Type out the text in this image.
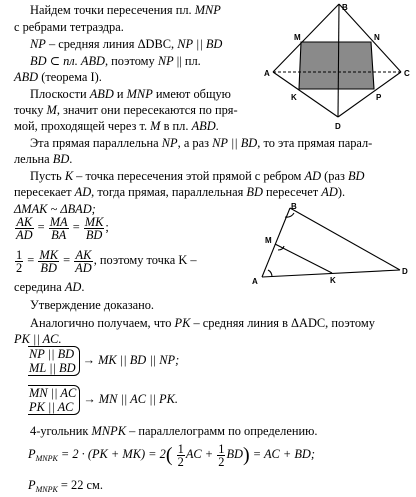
B
M	N
A	C
K	P
D
B
M
A	K
D
Найдем точки пересечения пл. MNP
с ребрами тетраэдра.
NP – средняя линия ΔDBC, NP || BD
BD ⊂ пл. ABD, поэтому NP || пл.
ABD (теорема I).
Плоскости ABD и MNP имеют общую
точку M, значит они пересекаются по пря-
мой, проходящей через т. M в пл. ABD.
Эта прямая параллельна NP, а раз NP || BD, то эта прямая парал-
лельна BD.
Пусть K – точка пересечения этой прямой с ребром AD (раз BD
пересекает AD, тогда прямая, параллельная BD пересечет AD).
ΔMAK ~ ΔBAD;
$\frac{AK}{AD} = \frac{MA}{BA} = \frac{MK}{BD}$ ;
$\frac{1}{2} = \frac{MK}{BD} = \frac{AK}{AD}$ , поэтому точка K –
середина AD.
Утверждение доказано.
Аналогично получаем, что PK – средняя линия в ΔADC, поэтому
PK || AC.
NP || BD
ML || BD
→ MK || BD || NP;
MN || AC
PK || AC
→ MN || AC || PK.
4-угольник MNPK – параллелограмм по определению.
$P_{MNPK} = 2 \cdot (PK + MK) = 2( \frac{1}{2}$ AC + $\frac{1}{2} BD$) = AC + BD;
$P_{MNPK} = 22$ см.
